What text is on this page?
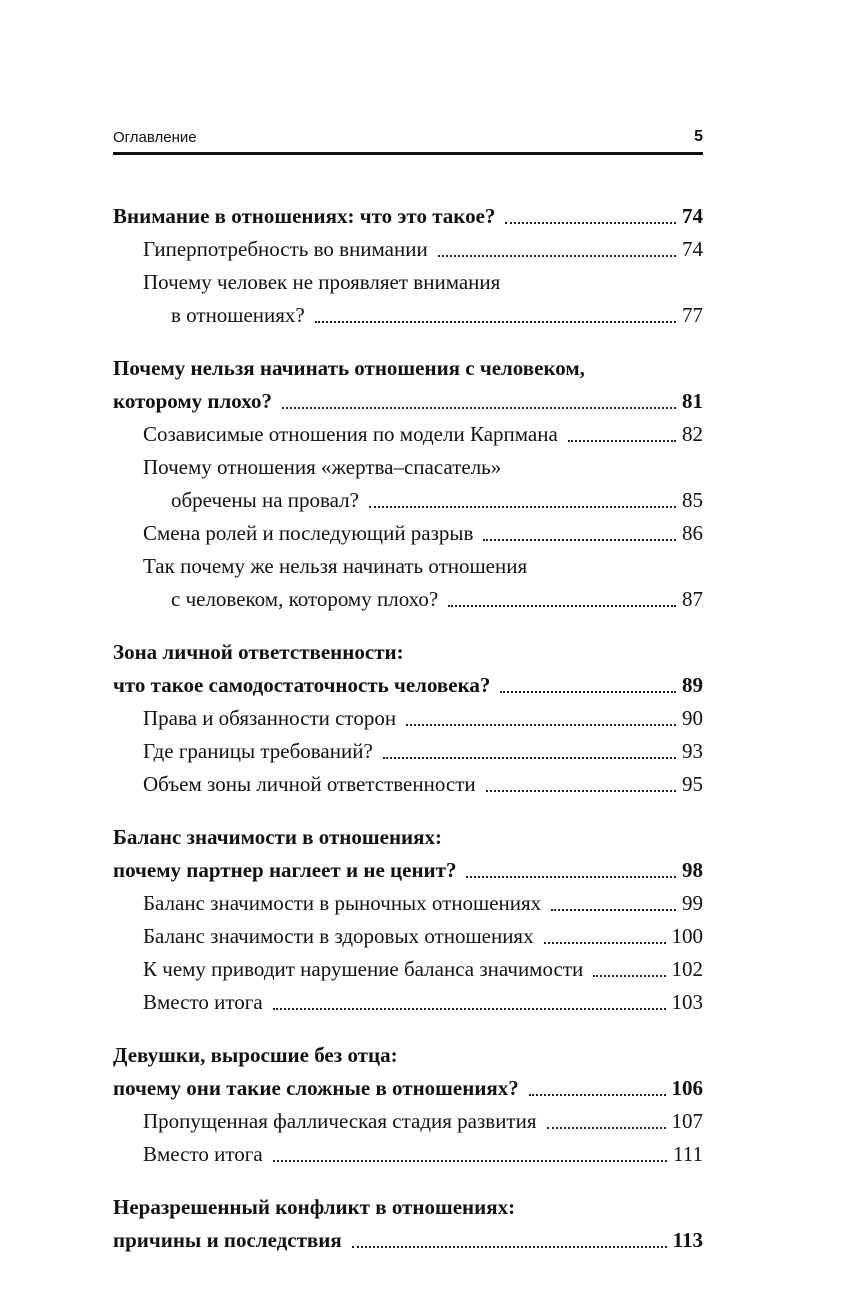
Оглавление	5
Внимание в отношениях: что это такое?	74
Гиперпотребность во внимании	74
Почему человек не проявляет внимания
в отношениях?	77
Почему нельзя начинать отношения с человеком,
которому плохо?	81
Созависимые отношения по модели Карпмана	82
Почему отношения «жертва–спасатель»
обречены на провал?	85
Смена ролей и последующий разрыв	86
Так почему же нельзя начинать отношения
с человеком, которому плохо?	87
Зона личной ответственности:
что такое самодостаточность человека?	89
Права и обязанности сторон	90
Где границы требований?	93
Объем зоны личной ответственности	95
Баланс значимости в отношениях:
почему партнер наглеет и не ценит?	98
Баланс значимости в рыночных отношениях	99
Баланс значимости в здоровых отношениях	100
К чему приводит нарушение баланса значимости	102
Вместо итога	103
Девушки, выросшие без отца:
почему они такие сложные в отношениях?	106
Пропущенная фаллическая стадия развития	107
Вместо итога	111
Неразрешенный конфликт в отношениях:
причины и последствия	113
